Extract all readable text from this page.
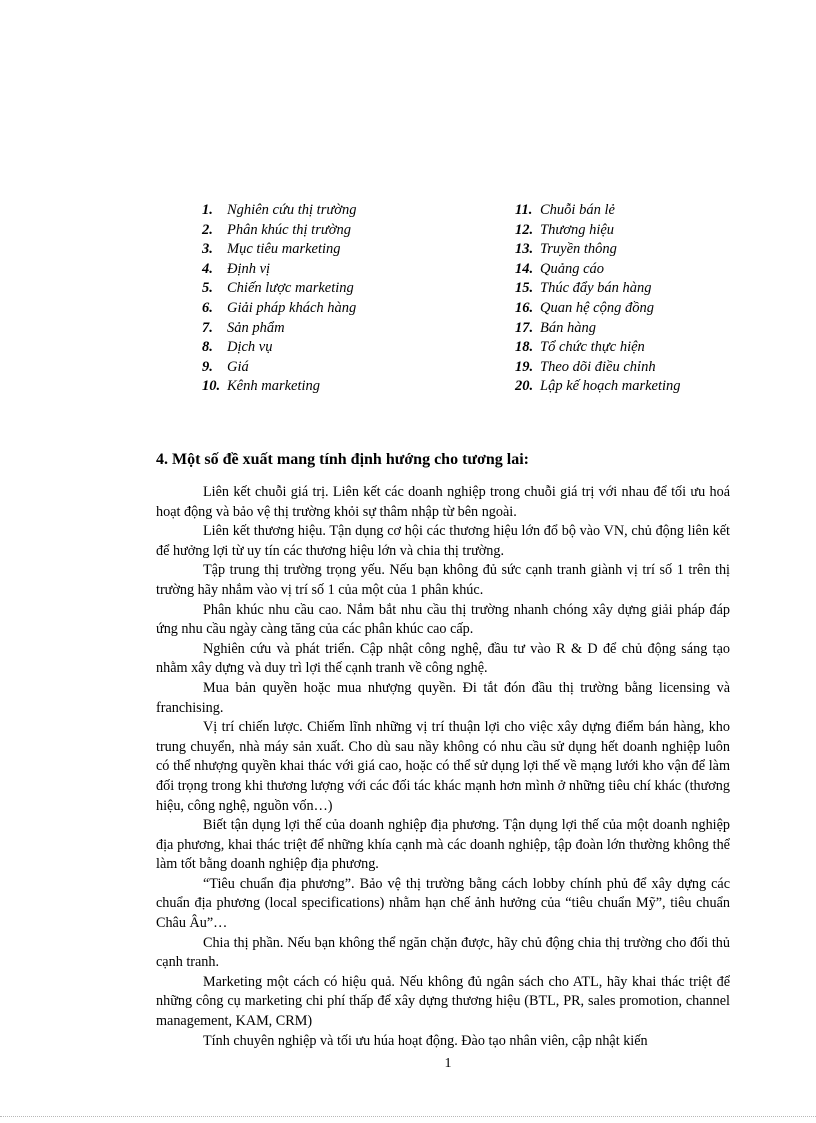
1. Nghiên cứu thị trường
2. Phân khúc thị trường
3. Mục tiêu marketing
4. Định vị
5. Chiến lược marketing
6. Giải pháp khách hàng
7. Sản phẩm
8. Dịch vụ
9. Giá
10. Kênh marketing
11. Chuỗi bán lẻ
12. Thương hiệu
13. Truyền thông
14. Quảng cáo
15. Thúc đẩy bán hàng
16. Quan hệ cộng đồng
17. Bán hàng
18. Tổ chức thực hiện
19. Theo dõi điều chỉnh
20. Lập kế hoạch marketing
4. Một số đề xuất mang tính định hướng cho tương lai:

Liên kết chuỗi giá trị. Liên kết các doanh nghiệp trong chuỗi giá trị với nhau để tối ưu hoá hoạt động và bảo vệ thị trường khỏi sự thâm nhập từ bên ngoài.

Liên kết thương hiệu. Tận dụng cơ hội các thương hiệu lớn đổ bộ vào VN, chủ động liên kết để hưởng lợi từ uy tín các thương hiệu lớn và chia thị trường.

Tập trung thị trường trọng yếu. Nếu bạn không đủ sức cạnh tranh giành vị trí số 1 trên thị trường hãy nhắm vào vị trí số 1 của một của 1 phân khúc.

Phân khúc nhu cầu cao. Nắm bắt nhu cầu thị trường nhanh chóng xây dựng giải pháp đáp ứng nhu cầu ngày càng tăng của các phân khúc cao cấp.

Nghiên cứu và phát triển. Cập nhật công nghệ, đầu tư vào R & D để chủ động sáng tạo nhằm xây dựng và duy trì lợi thế cạnh tranh về công nghệ.

Mua bản quyền hoặc mua nhượng quyền. Đi tắt đón đầu thị trường bằng licensing và franchising.

Vị trí chiến lược. Chiếm lĩnh những vị trí thuận lợi cho việc xây dựng điểm bán hàng, kho trung chuyển, nhà máy sản xuất. Cho dù sau nầy không có nhu cầu sử dụng hết doanh nghiệp luôn có thể nhượng quyền khai thác với giá cao, hoặc có thể sử dụng lợi thế về mạng lưới kho vận để làm đối trọng trong khi thương lượng với các đối tác khác mạnh hơn mình ở những tiêu chí khác (thương hiệu, công nghệ, nguồn vốn…)

Biết tận dụng lợi thế của doanh nghiệp địa phương. Tận dụng lợi thế của một doanh nghiệp địa phương, khai thác triệt để những khía cạnh mà các doanh nghiệp, tập đoàn lớn thường không thể làm tốt bằng doanh nghiệp địa phương.

“Tiêu chuẩn địa phương”. Bảo vệ thị trường bằng cách lobby chính phủ để xây dựng các chuẩn địa phương (local specifications) nhằm hạn chế ảnh hưởng của “tiêu chuẩn Mỹ”, tiêu chuẩn Châu Âu”…

Chia thị phần. Nếu bạn không thể ngăn chặn được, hãy chủ động chia thị trường cho đối thủ cạnh tranh.

Marketing một cách có hiệu quả. Nếu không đủ ngân sách cho ATL, hãy khai thác triệt để những công cụ marketing chi phí thấp để xây dựng thương hiệu (BTL, PR, sales promotion, channel management, KAM, CRM)

Tính chuyên nghiệp và tối ưu húa hoạt động. Đào tạo nhân viên, cập nhật kiến

1
